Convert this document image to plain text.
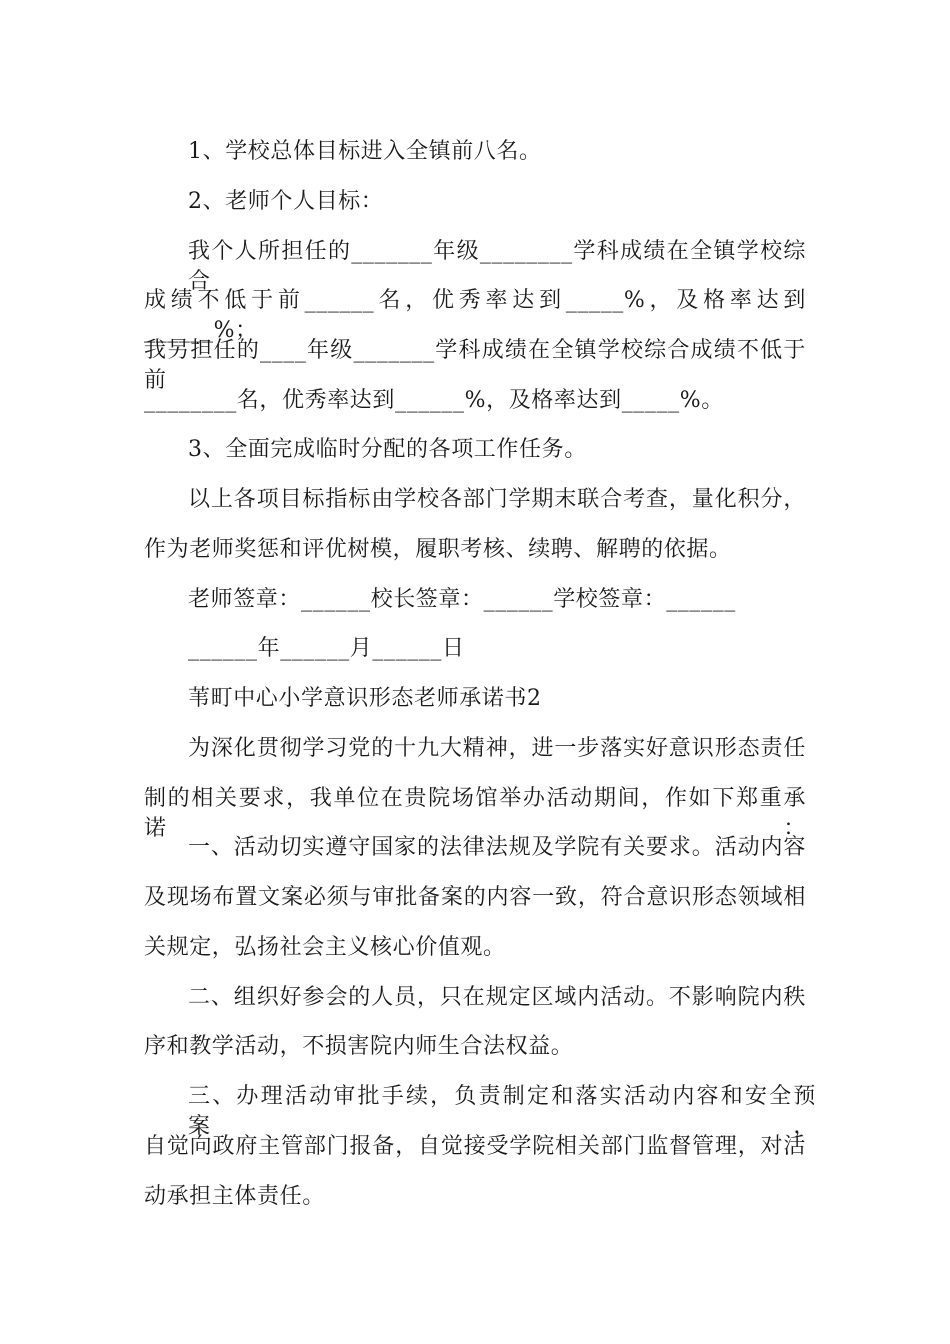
1、学校总体目标进入全镇前八名。
2、老师个人目标：
我个人所担任的_______年级________学科成绩在全镇学校综合
成绩不低于前______名，优秀率达到_____%，及格率达到______%；
我另担任的____年级_______学科成绩在全镇学校综合成绩不低于前
________名，优秀率达到______%，及格率达到_____%。
3、全面完成临时分配的各项工作任务。
以上各项目标指标由学校各部门学期末联合考查，量化积分，
作为老师奖惩和评优树模，履职考核、续聘、解聘的依据。
老师签章：______校长签章：______学校签章：______
______年______月______日
苇町中心小学意识形态老师承诺书2
为深化贯彻学习党的十九大精神，进一步落实好意识形态责任
制的相关要求，我单位在贵院场馆举办活动期间，作如下郑重承诺：
一、活动切实遵守国家的法律法规及学院有关要求。活动内容
及现场布置文案必须与审批备案的内容一致，符合意识形态领域相
关规定，弘扬社会主义核心价值观。
二、组织好参会的人员，只在规定区域内活动。不影响院内秩
序和教学活动，不损害院内师生合法权益。
三、办理活动审批手续，负责制定和落实活动内容和安全预案，
自觉向政府主管部门报备，自觉接受学院相关部门监督管理，对活
动承担主体责任。
